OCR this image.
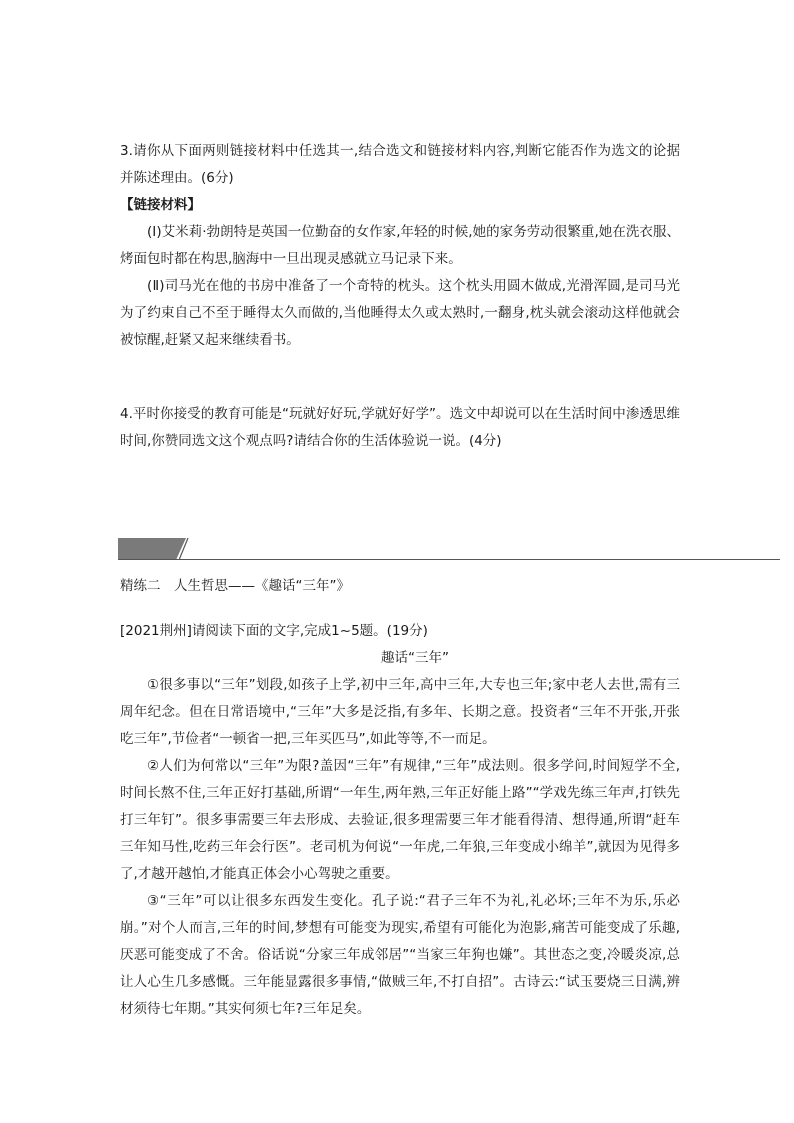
3.请你从下面两则链接材料中任选其一,结合选文和链接材料内容,判断它能否作为选文的论据并陈述理由。(6分)

【链接材料】

(Ⅰ)艾米莉·勃朗特是英国一位勤奋的女作家,年轻的时候,她的家务劳动很繁重,她在洗衣服、烤面包时都在构思,脑海中一旦出现灵感就立马记录下来。

(Ⅱ)司马光在他的书房中准备了一个奇特的枕头。这个枕头用圆木做成,光滑浑圆,是司马光为了约束自己不至于睡得太久而做的,当他睡得太久或太熟时,一翻身,枕头就会滚动这样他就会被惊醒,赶紧又起来继续看书。

4.平时你接受的教育可能是“玩就好好玩,学就好好学”。选文中却说可以在生活时间中渗透思维时间,你赞同选文这个观点吗?请结合你的生活体验说一说。(4分)

精练二　人生哲思——《趣话“三年”》

[2021荆州]请阅读下面的文字,完成1~5题。(19分)

趣话“三年”

①很多事以“三年”划段,如孩子上学,初中三年,高中三年,大专也三年;家中老人去世,需有三周年纪念。但在日常语境中,“三年”大多是泛指,有多年、长期之意。投资者“三年不开张,开张吃三年”,节俭者“一顿省一把,三年买匹马”,如此等等,不一而足。

②人们为何常以“三年”为限?盖因“三年”有规律,“三年”成法则。很多学问,时间短学不全,时间长熬不住,三年正好打基础,所谓“一年生,两年熟,三年正好能上路”“学戏先练三年声,打铁先打三年钉”。很多事需要三年去形成、去验证,很多理需要三年才能看得清、想得通,所谓“赶车三年知马性,吃药三年会行医”。老司机为何说“一年虎,二年狼,三年变成小绵羊”,就因为见得多了,才越开越怕,才能真正体会小心驾驶之重要。

③“三年”可以让很多东西发生变化。孔子说:“君子三年不为礼,礼必坏;三年不为乐,乐必崩。”对个人而言,三年的时间,梦想有可能变为现实,希望有可能化为泡影,痛苦可能变成了乐趣,厌恶可能变成了不舍。俗话说“分家三年成邻居”“当家三年狗也嫌”。其世态之变,冷暖炎凉,总让人心生几多感慨。三年能显露很多事情,“做贼三年,不打自招”。古诗云:“试玉要烧三日满,辨材须待七年期。”其实何须七年?三年足矣。
